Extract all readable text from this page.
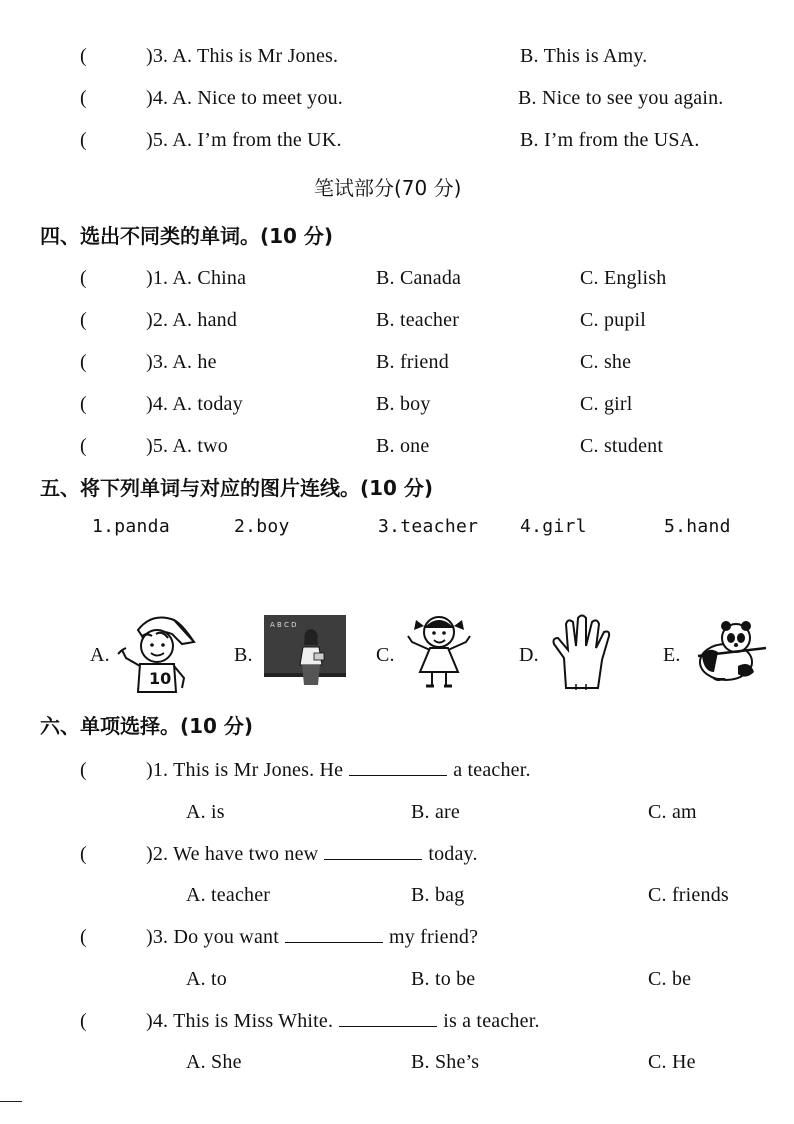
(	)3. A. This is Mr Jones.	B. This is Amy.
(	)4. A. Nice to meet you.	B. Nice to see you again.
(	)5. A. I’m from the UK.	B. I’m from the USA.
笔试部分(70 分)
四、选出不同类的单词。(10 分)
(	)1. A. China	B. Canada	C. English
(	)2. A. hand	B. teacher	C. pupil
(	)3. A. he	B. friend	C. she
(	)4. A. today	B. boy	C. girl
(	)5. A. two	B. one	C. student
五、将下列单词与对应的图片连线。(10 分)
1.panda	2.boy	3.teacher 4.girl	5.hand
A.	B.	C.	D.	E.
10
A B C D
六、单项选择。(10 分)
(	)1. This is Mr Jones. He	a teacher.
A. is	B. are	C. am
(	)2. We have two new	today.
A. teacher	B. bag	C. friends
(	)3. Do you want	my friend?
A. to	B. to be	C. be
(	)4. This is Miss White.	is a teacher.
A. She	B. She’s	C. He
